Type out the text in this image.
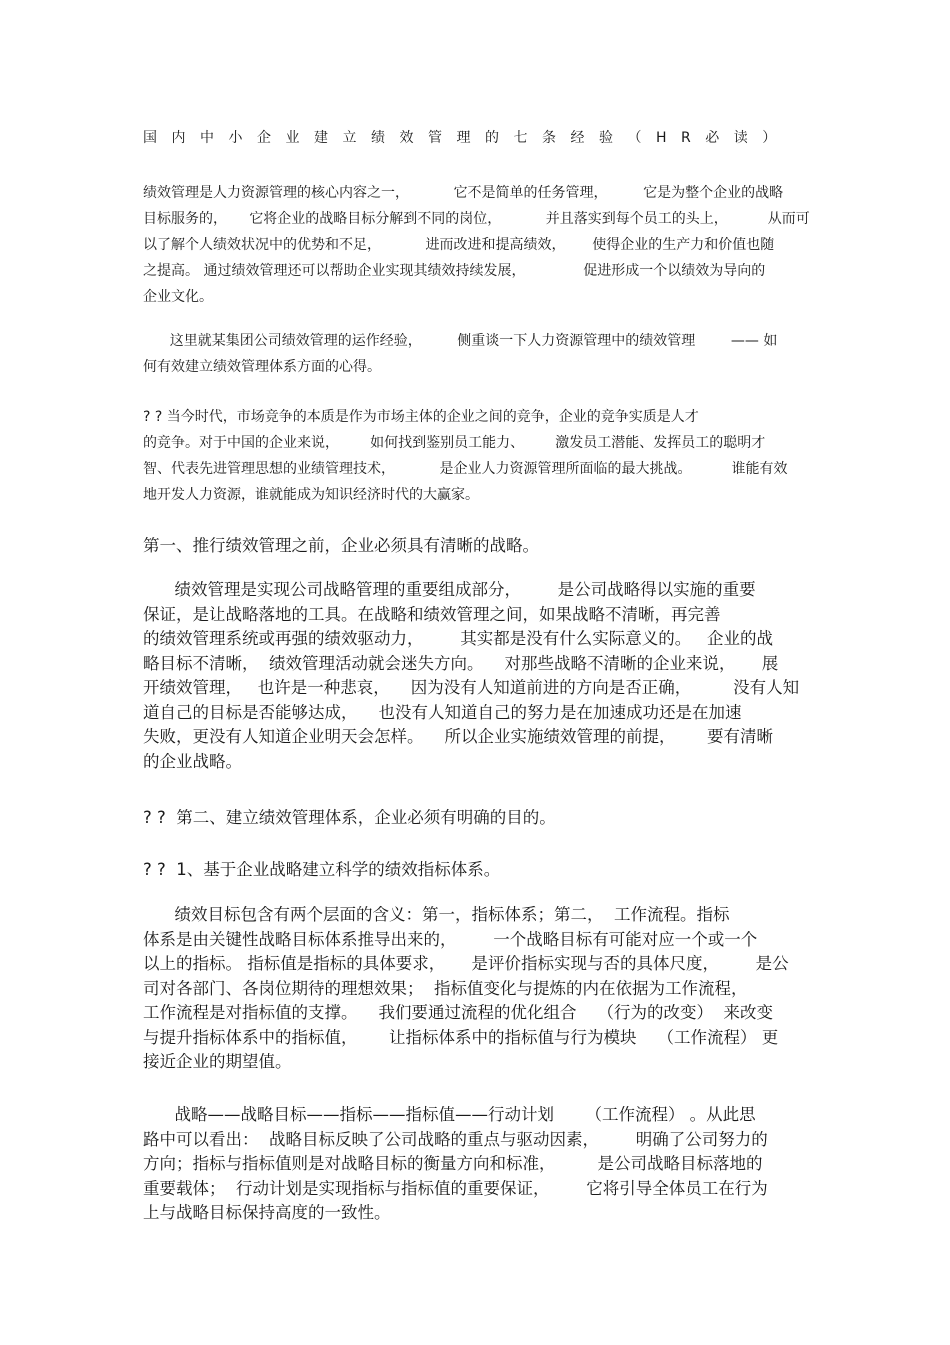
国内中小企业建立绩效管理的七条经验（HR必读）
绩效管理是人力资源管理的核心内容之一，          它不是简单的任务管理，        它是为整个企业的战略
目标服务的，     它将企业的战略目标分解到不同的岗位，          并且落实到每个员工的头上，         从而可
以了解个人绩效状况中的优势和不足，          进而改进和提高绩效，      使得企业的生产力和价值也随
之提高。 通过绩效管理还可以帮助企业实现其绩效持续发展，             促进形成一个以绩效为导向的
企业文化。
这里就某集团公司绩效管理的运作经验，        侧重谈一下人力资源管理中的绩效管理        —— 如
何有效建立绩效管理体系方面的心得。
? ? 当今时代，市场竞争的本质是作为市场主体的企业之间的竞争，企业的竞争实质是人才
的竞争。对于中国的企业来说，       如何找到鉴别员工能力、       激发员工潜能、发挥员工的聪明才
智、代表先进管理思想的业绩管理技术，          是企业人力资源管理所面临的最大挑战。         谁能有效
地开发人力资源，谁就能成为知识经济时代的大赢家。
第一、推行绩效管理之前，企业必须具有清晰的战略。
绩效管理是实现公司战略管理的重要组成部分，       是公司战略得以实施的重要
保证，是让战略落地的工具。在战略和绩效管理之间，如果战略不清晰，再完善
的绩效管理系统或再强的绩效驱动力，       其实都是没有什么实际意义的。   企业的战
略目标不清晰，  绩效管理活动就会迷失方向。    对那些战略不清晰的企业来说，     展
开绩效管理，   也许是一种悲哀，    因为没有人知道前进的方向是否正确，        没有人知
道自己的目标是否能够达成，    也没有人知道自己的努力是在加速成功还是在加速
失败，更没有人知道企业明天会怎样。    所以企业实施绩效管理的前提，      要有清晰
的企业战略。
? ?  第二、建立绩效管理体系，企业必须有明确的目的。
? ?  1、基于企业战略建立科学的绩效指标体系。
绩效目标包含有两个层面的含义：第一，指标体系；第二，  工作流程。指标
体系是由关键性战略目标体系推导出来的，       一个战略目标有可能对应一个或一个
以上的指标。 指标值是指标的具体要求，     是评价指标实现与否的具体尺度，       是公
司对各部门、各岗位期待的理想效果；  指标值变化与提炼的内在依据为工作流程，
工作流程是对指标值的支撑。    我们要通过流程的优化组合    （行为的改变）  来改变
与提升指标体系中的指标值，      让指标体系中的指标值与行为模块    （工作流程） 更
接近企业的期望值。
战略——战略目标——指标——指标值——行动计划      （工作流程） 。从此思
路中可以看出：  战略目标反映了公司战略的重点与驱动因素，       明确了公司努力的
方向；指标与指标值则是对战略目标的衡量方向和标准，        是公司战略目标落地的
重要载体；  行动计划是实现指标与指标值的重要保证，       它将引导全体员工在行为
上与战略目标保持高度的一致性。
